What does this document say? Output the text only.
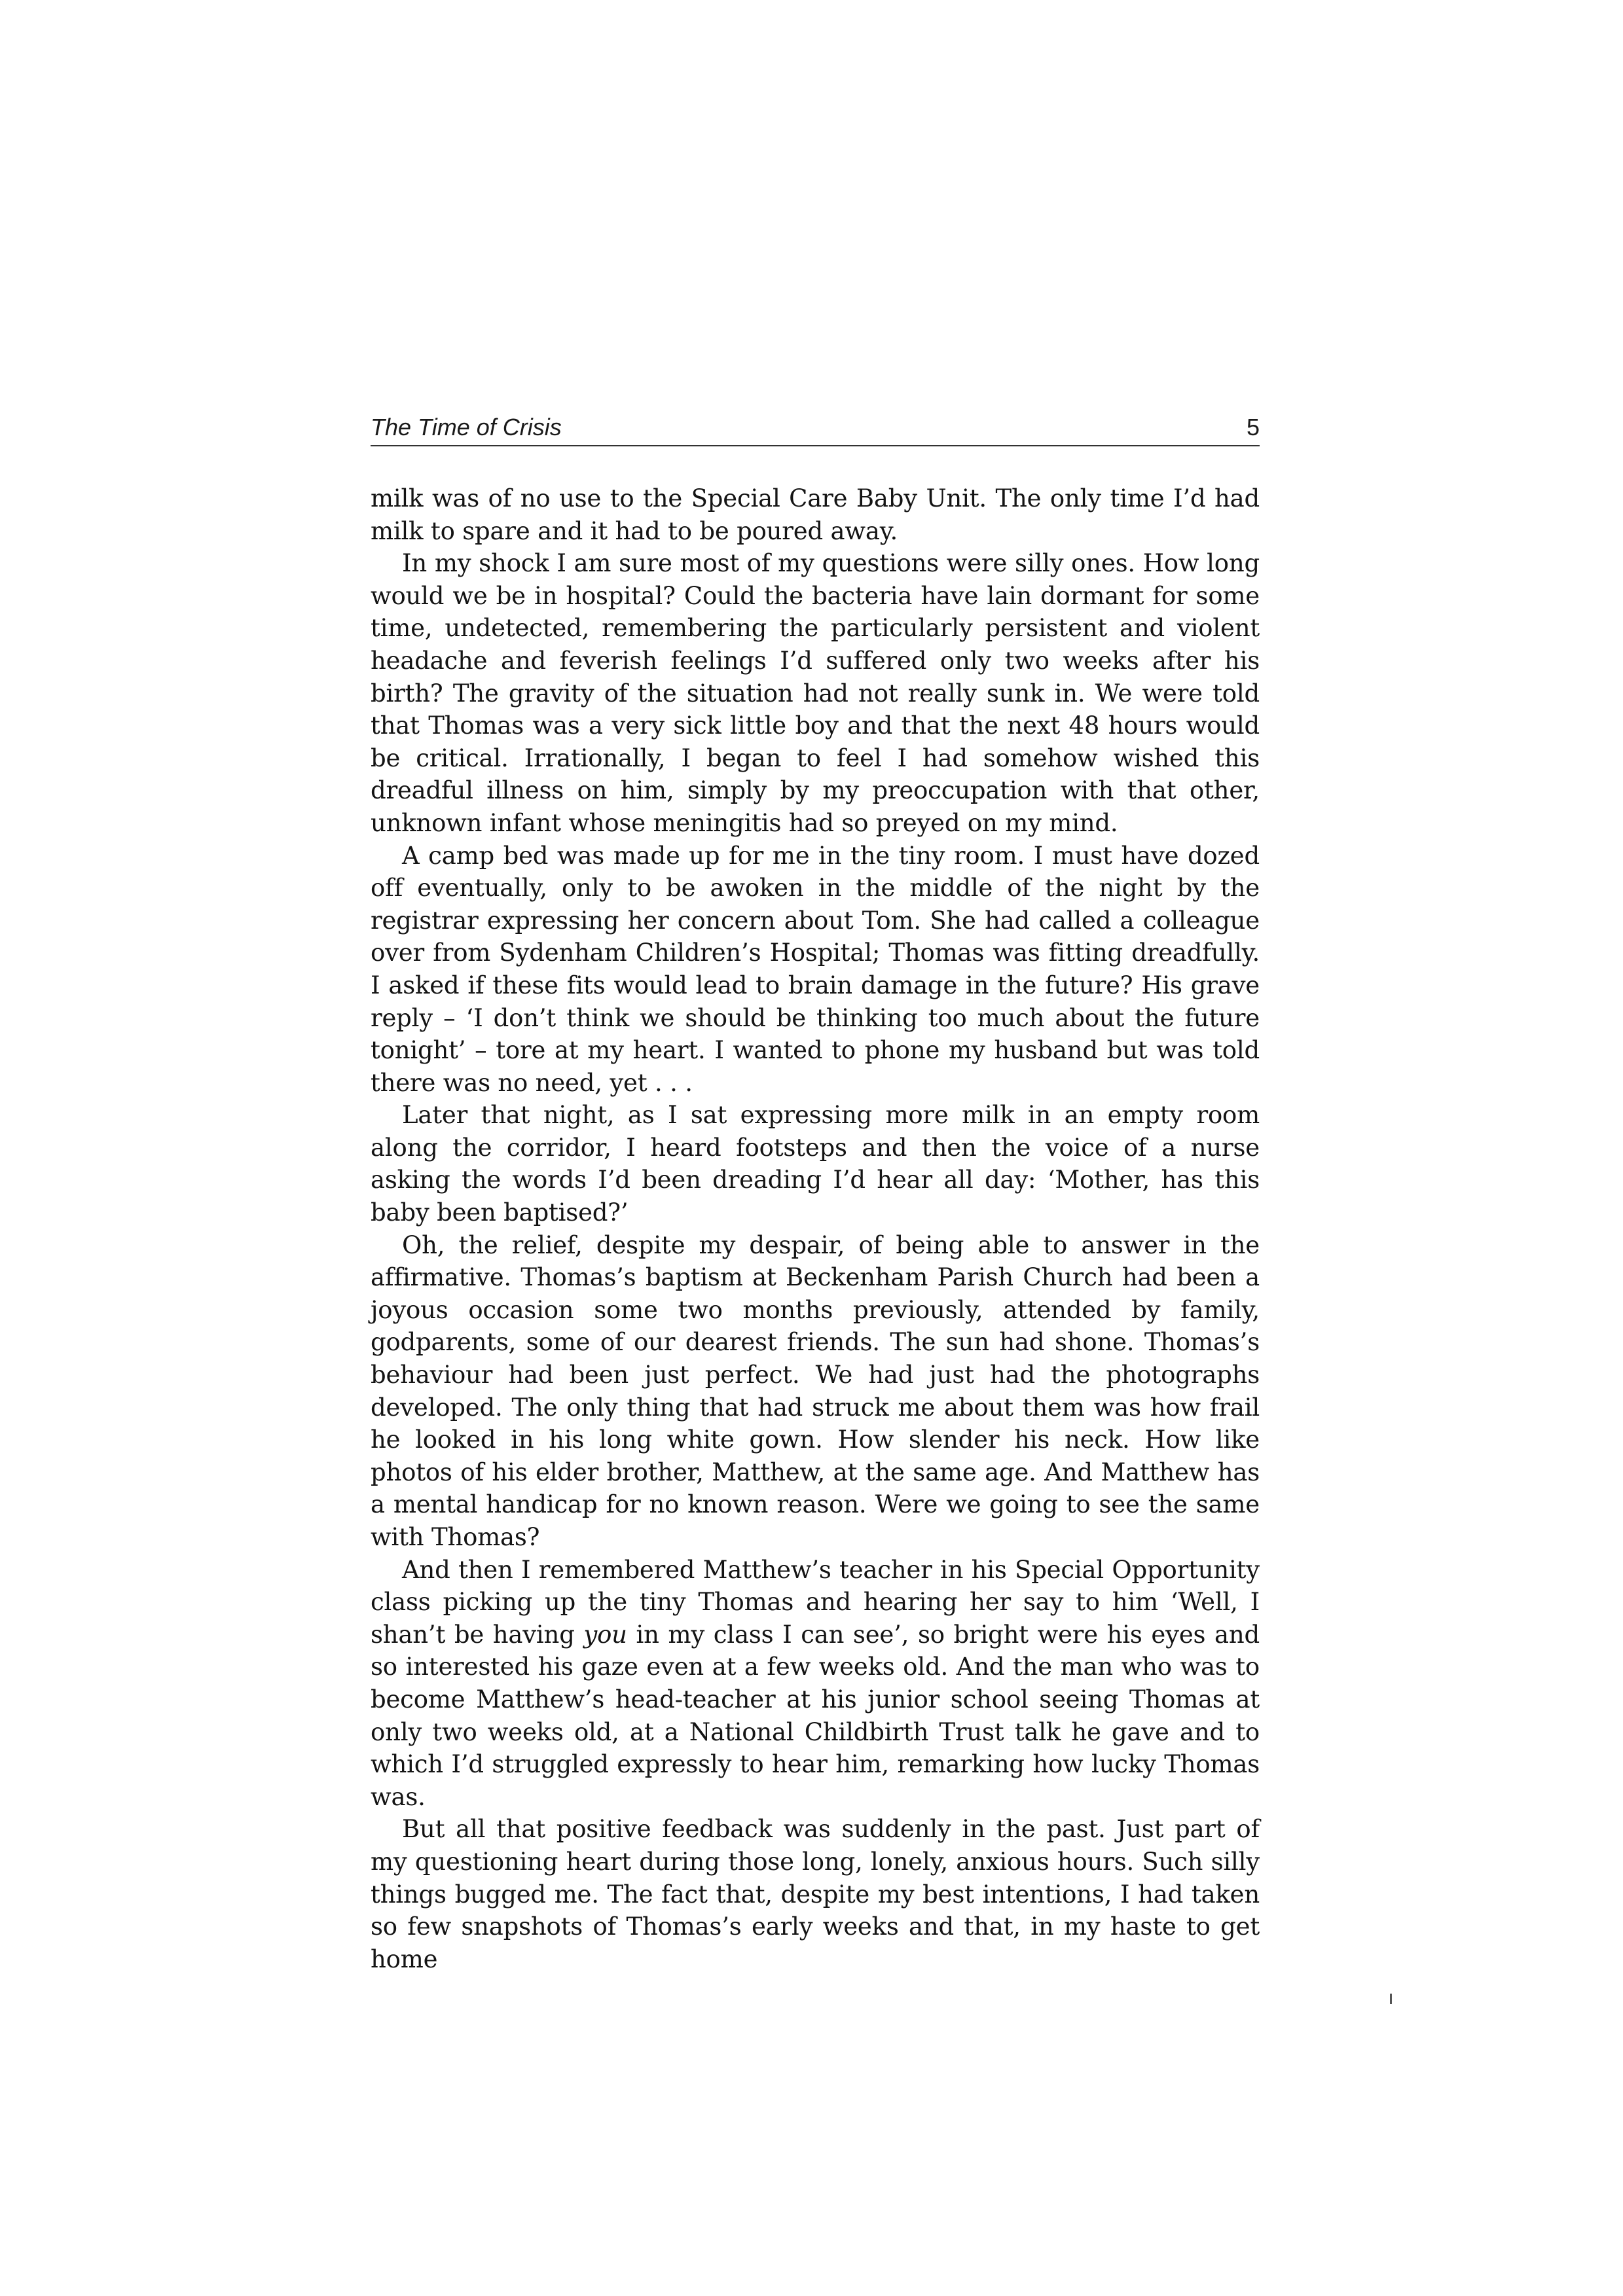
The Time of Crisis	5

milk was of no use to the Special Care Baby Unit. The only time I’d had milk to spare and it had to be poured away.

In my shock I am sure most of my questions were silly ones. How long would we be in hospital? Could the bacteria have lain dormant for some time, undetected, remembering the particularly persistent and violent headache and feverish feelings I’d suffered only two weeks after his birth? The gravity of the situation had not really sunk in. We were told that Thomas was a very sick little boy and that the next 48 hours would be critical. Irrationally, I began to feel I had somehow wished this dreadful illness on him, simply by my preoccupation with that other, unknown infant whose meningitis had so preyed on my mind.

A camp bed was made up for me in the tiny room. I must have dozed off eventually, only to be awoken in the middle of the night by the registrar expressing her concern about Tom. She had called a colleague over from Sydenham Children’s Hospital; Thomas was fitting dreadfully. I asked if these fits would lead to brain damage in the future? His grave reply – ‘I don’t think we should be thinking too much about the future tonight’ – tore at my heart. I wanted to phone my husband but was told there was no need, yet . . .

Later that night, as I sat expressing more milk in an empty room along the corridor, I heard footsteps and then the voice of a nurse asking the words I’d been dreading I’d hear all day: ‘Mother, has this baby been baptised?’

Oh, the relief, despite my despair, of being able to answer in the affirmative. Thomas’s baptism at Beckenham Parish Church had been a joyous occasion some two months previously, attended by family, godparents, some of our dearest friends. The sun had shone. Thomas’s behaviour had been just perfect. We had just had the photographs developed. The only thing that had struck me about them was how frail he looked in his long white gown. How slender his neck. How like photos of his elder brother, Matthew, at the same age. And Matthew has a mental handicap for no known reason. Were we going to see the same with Thomas?

And then I remembered Matthew’s teacher in his Special Opportunity class picking up the tiny Thomas and hearing her say to him ‘Well, I shan’t be having you in my class I can see’, so bright were his eyes and so interested his gaze even at a few weeks old. And the man who was to become Matthew’s head-teacher at his junior school seeing Thomas at only two weeks old, at a National Childbirth Trust talk he gave and to which I’d struggled expressly to hear him, remarking how lucky Thomas was.

But all that positive feedback was suddenly in the past. Just part of my questioning heart during those long, lonely, anxious hours. Such silly things bugged me. The fact that, despite my best intentions, I had taken so few snapshots of Thomas’s early weeks and that, in my haste to get home
